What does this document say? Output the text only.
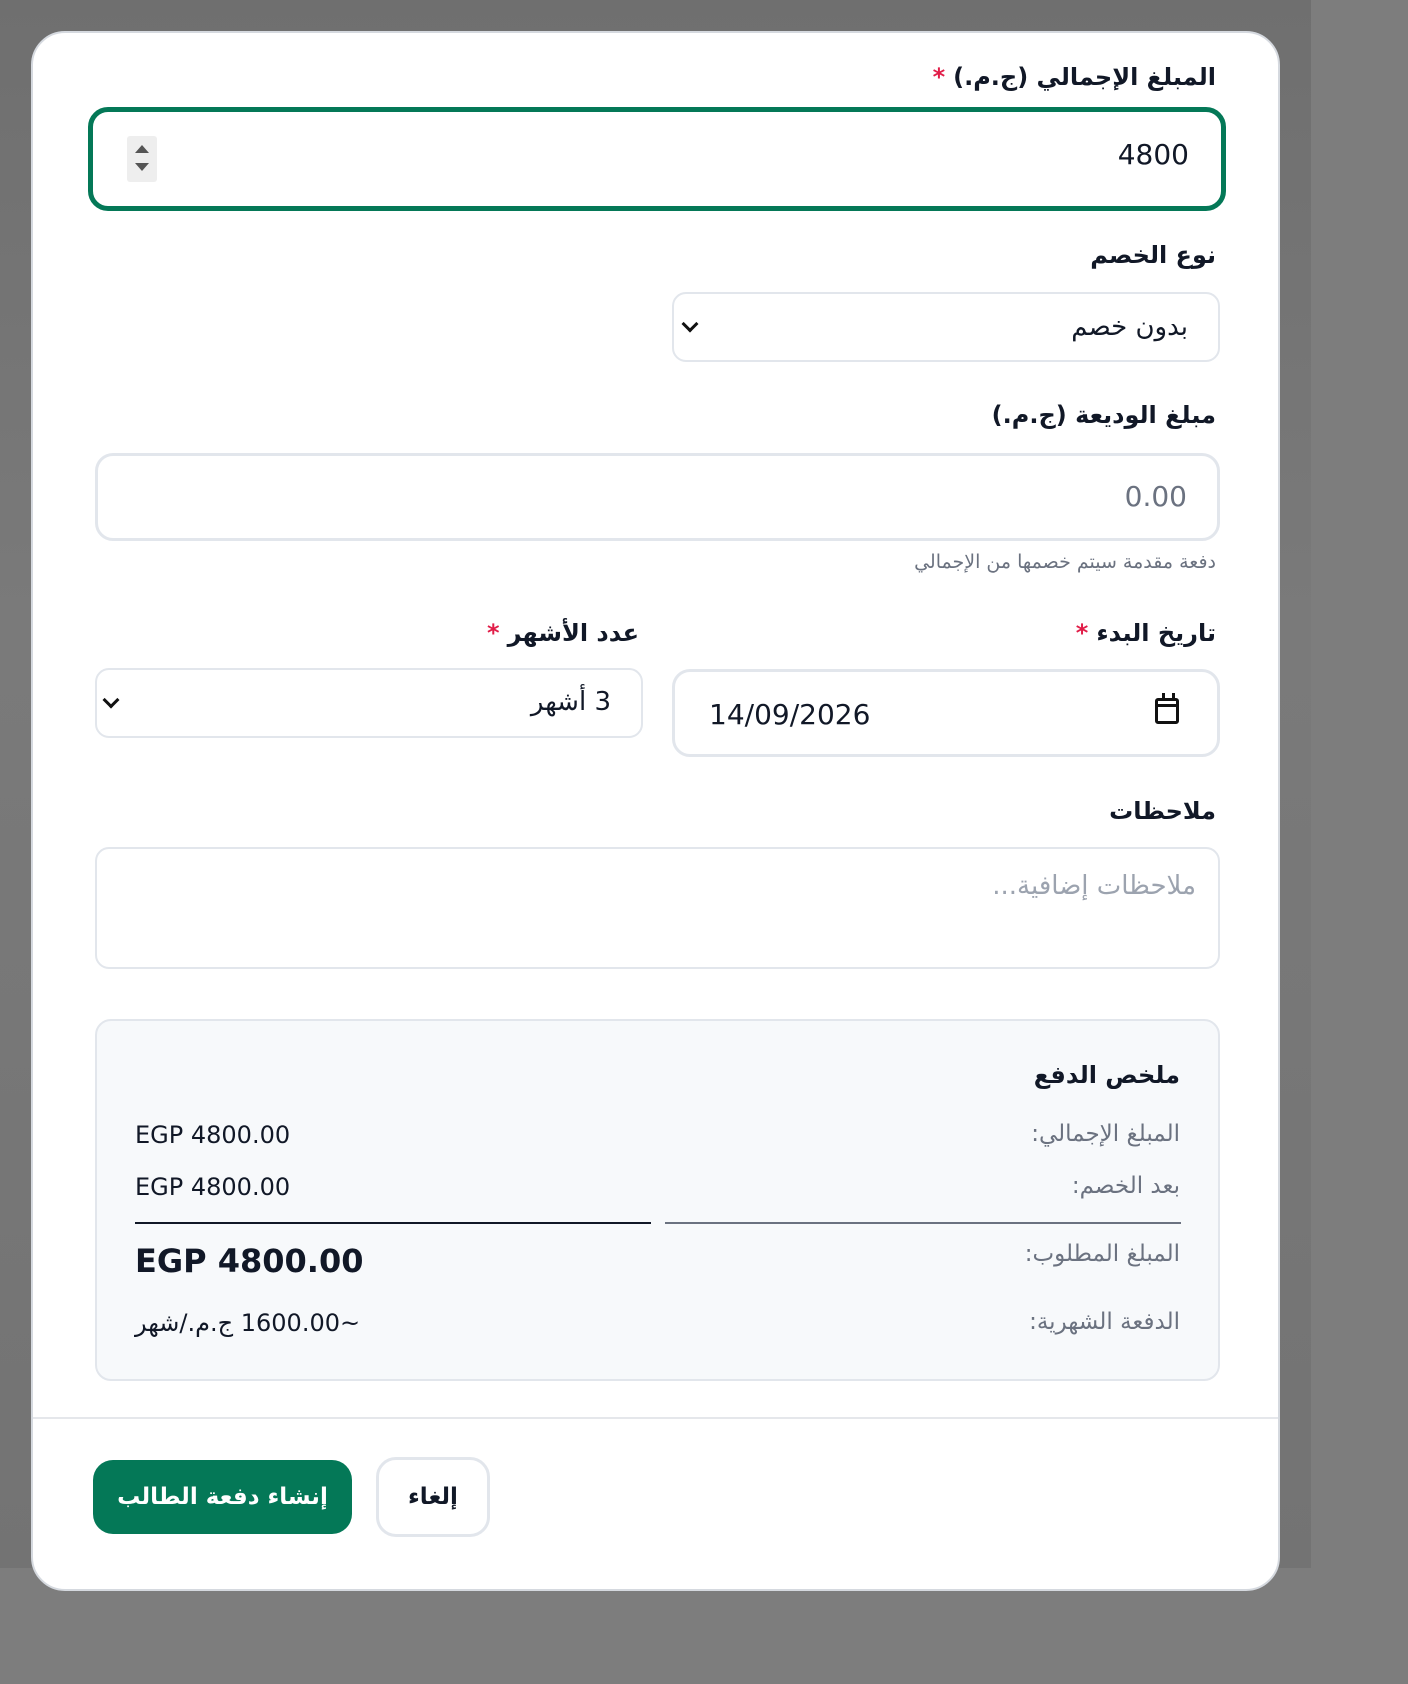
المبلغ الإجمالي (ج.م.)*
4800
نوع الخصم
بدون خصم
مبلغ الوديعة (ج.م.)
0.00
دفعة مقدمة سيتم خصمها من الإجمالي
تاريخ البدء*
14/09/2026
عدد الأشهر*
3 أشهر
ملاحظات
ملاحظات إضافية...
ملخص الدفع
المبلغ الإجمالي:
EGP 4800.00
بعد الخصم:
EGP 4800.00
المبلغ المطلوب:
EGP 4800.00
الدفعة الشهرية:
~1600.00 ج.م./شهر
إنشاء دفعة الطالب	إلغاء
